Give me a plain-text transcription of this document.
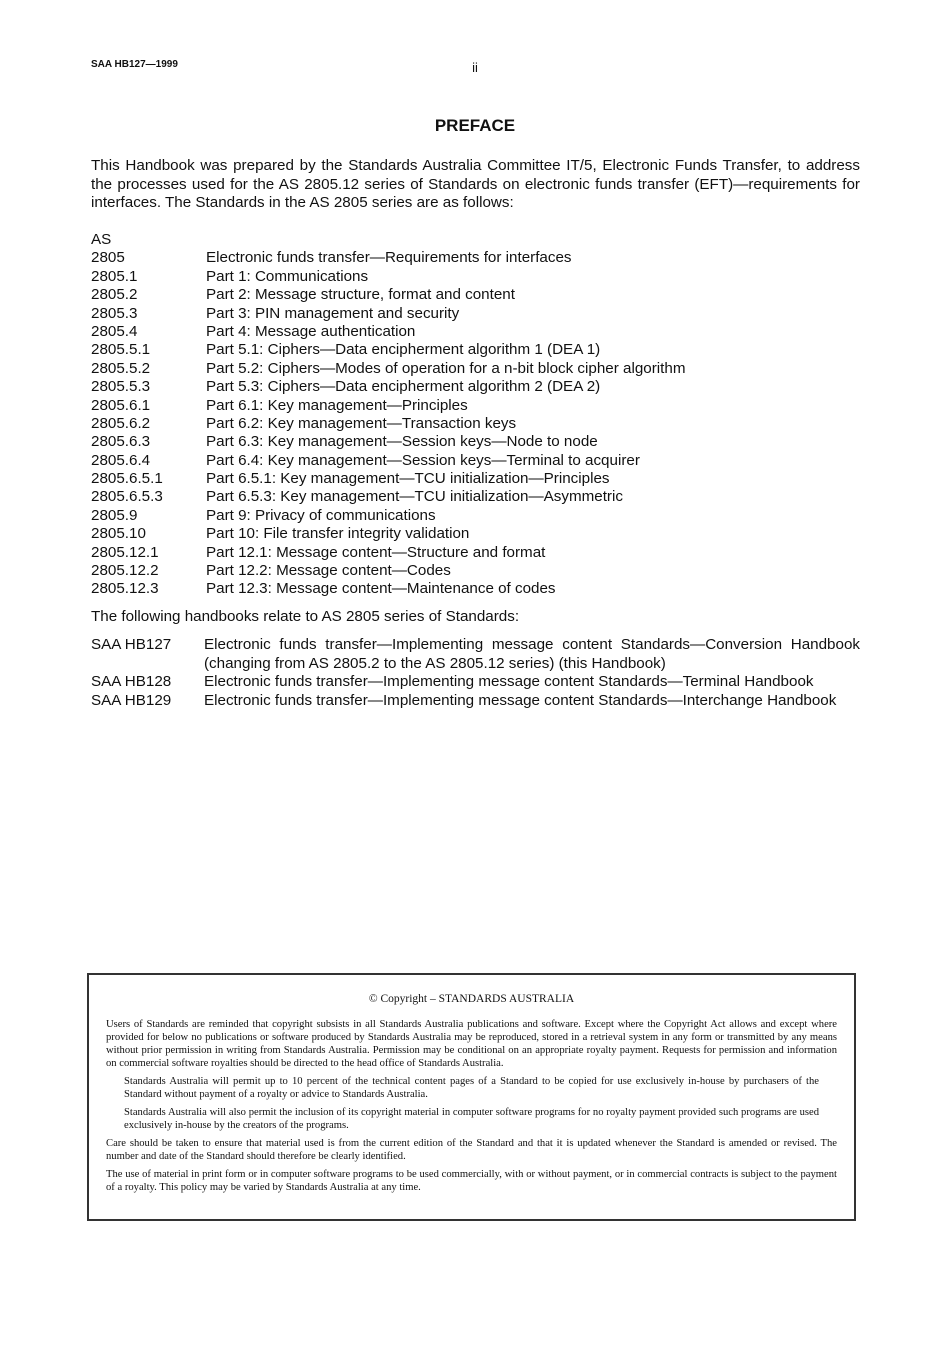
SAA HB127—1999	ii
PREFACE

This Handbook was prepared by the Standards Australia Committee IT/5, Electronic Funds Transfer, to address the processes used for the AS 2805.12 series of Standards on electronic funds transfer (EFT)—requirements for interfaces. The Standards in the AS 2805 series are as follows:

AS
2805	Electronic funds transfer—Requirements for interfaces
2805.1	Part 1: Communications
2805.2	Part 2: Message structure, format and content
2805.3	Part 3: PIN management and security
2805.4	Part 4: Message authentication
2805.5.1	Part 5.1: Ciphers—Data encipherment algorithm 1 (DEA 1)
2805.5.2	Part 5.2: Ciphers—Modes of operation for a n-bit block cipher algorithm
2805.5.3	Part 5.3: Ciphers—Data encipherment algorithm 2 (DEA 2)
2805.6.1	Part 6.1: Key management—Principles
2805.6.2	Part 6.2: Key management—Transaction keys
2805.6.3	Part 6.3: Key management—Session keys—Node to node
2805.6.4	Part 6.4: Key management—Session keys—Terminal to acquirer
2805.6.5.1	Part 6.5.1: Key management—TCU initialization—Principles
2805.6.5.3	Part 6.5.3: Key management—TCU initialization—Asymmetric
2805.9	Part 9: Privacy of communications
2805.10	Part 10: File transfer integrity validation
2805.12.1	Part 12.1: Message content—Structure and format
2805.12.2	Part 12.2: Message content—Codes
2805.12.3	Part 12.3: Message content—Maintenance of codes

The following handbooks relate to AS 2805 series of Standards:

SAA HB127	Electronic funds transfer—Implementing message content Standards—Conversion Handbook (changing from AS 2805.2 to the AS 2805.12 series) (this Handbook)
SAA HB128	Electronic funds transfer—Implementing message content Standards—Terminal Handbook
SAA HB129	Electronic funds transfer—Implementing message content Standards—Interchange Handbook

© Copyright – STANDARDS AUSTRALIA

Users of Standards are reminded that copyright subsists in all Standards Australia publications and software. Except where the Copyright Act allows and except where provided for below no publications or software produced by Standards Australia may be reproduced, stored in a retrieval system in any form or transmitted by any means without prior permission in writing from Standards Australia. Permission may be conditional on an appropriate royalty payment. Requests for permission and information on commercial software royalties should be directed to the head office of Standards Australia.

Standards Australia will permit up to 10 percent of the technical content pages of a Standard to be copied for use exclusively in-house by purchasers of the Standard without payment of a royalty or advice to Standards Australia.

Standards Australia will also permit the inclusion of its copyright material in computer software programs for no royalty payment provided such programs are used exclusively in-house by the creators of the programs.

Care should be taken to ensure that material used is from the current edition of the Standard and that it is updated whenever the Standard is amended or revised. The number and date of the Standard should therefore be clearly identified.

The use of material in print form or in computer software programs to be used commercially, with or without payment, or in commercial contracts is subject to the payment of a royalty. This policy may be varied by Standards Australia at any time.
